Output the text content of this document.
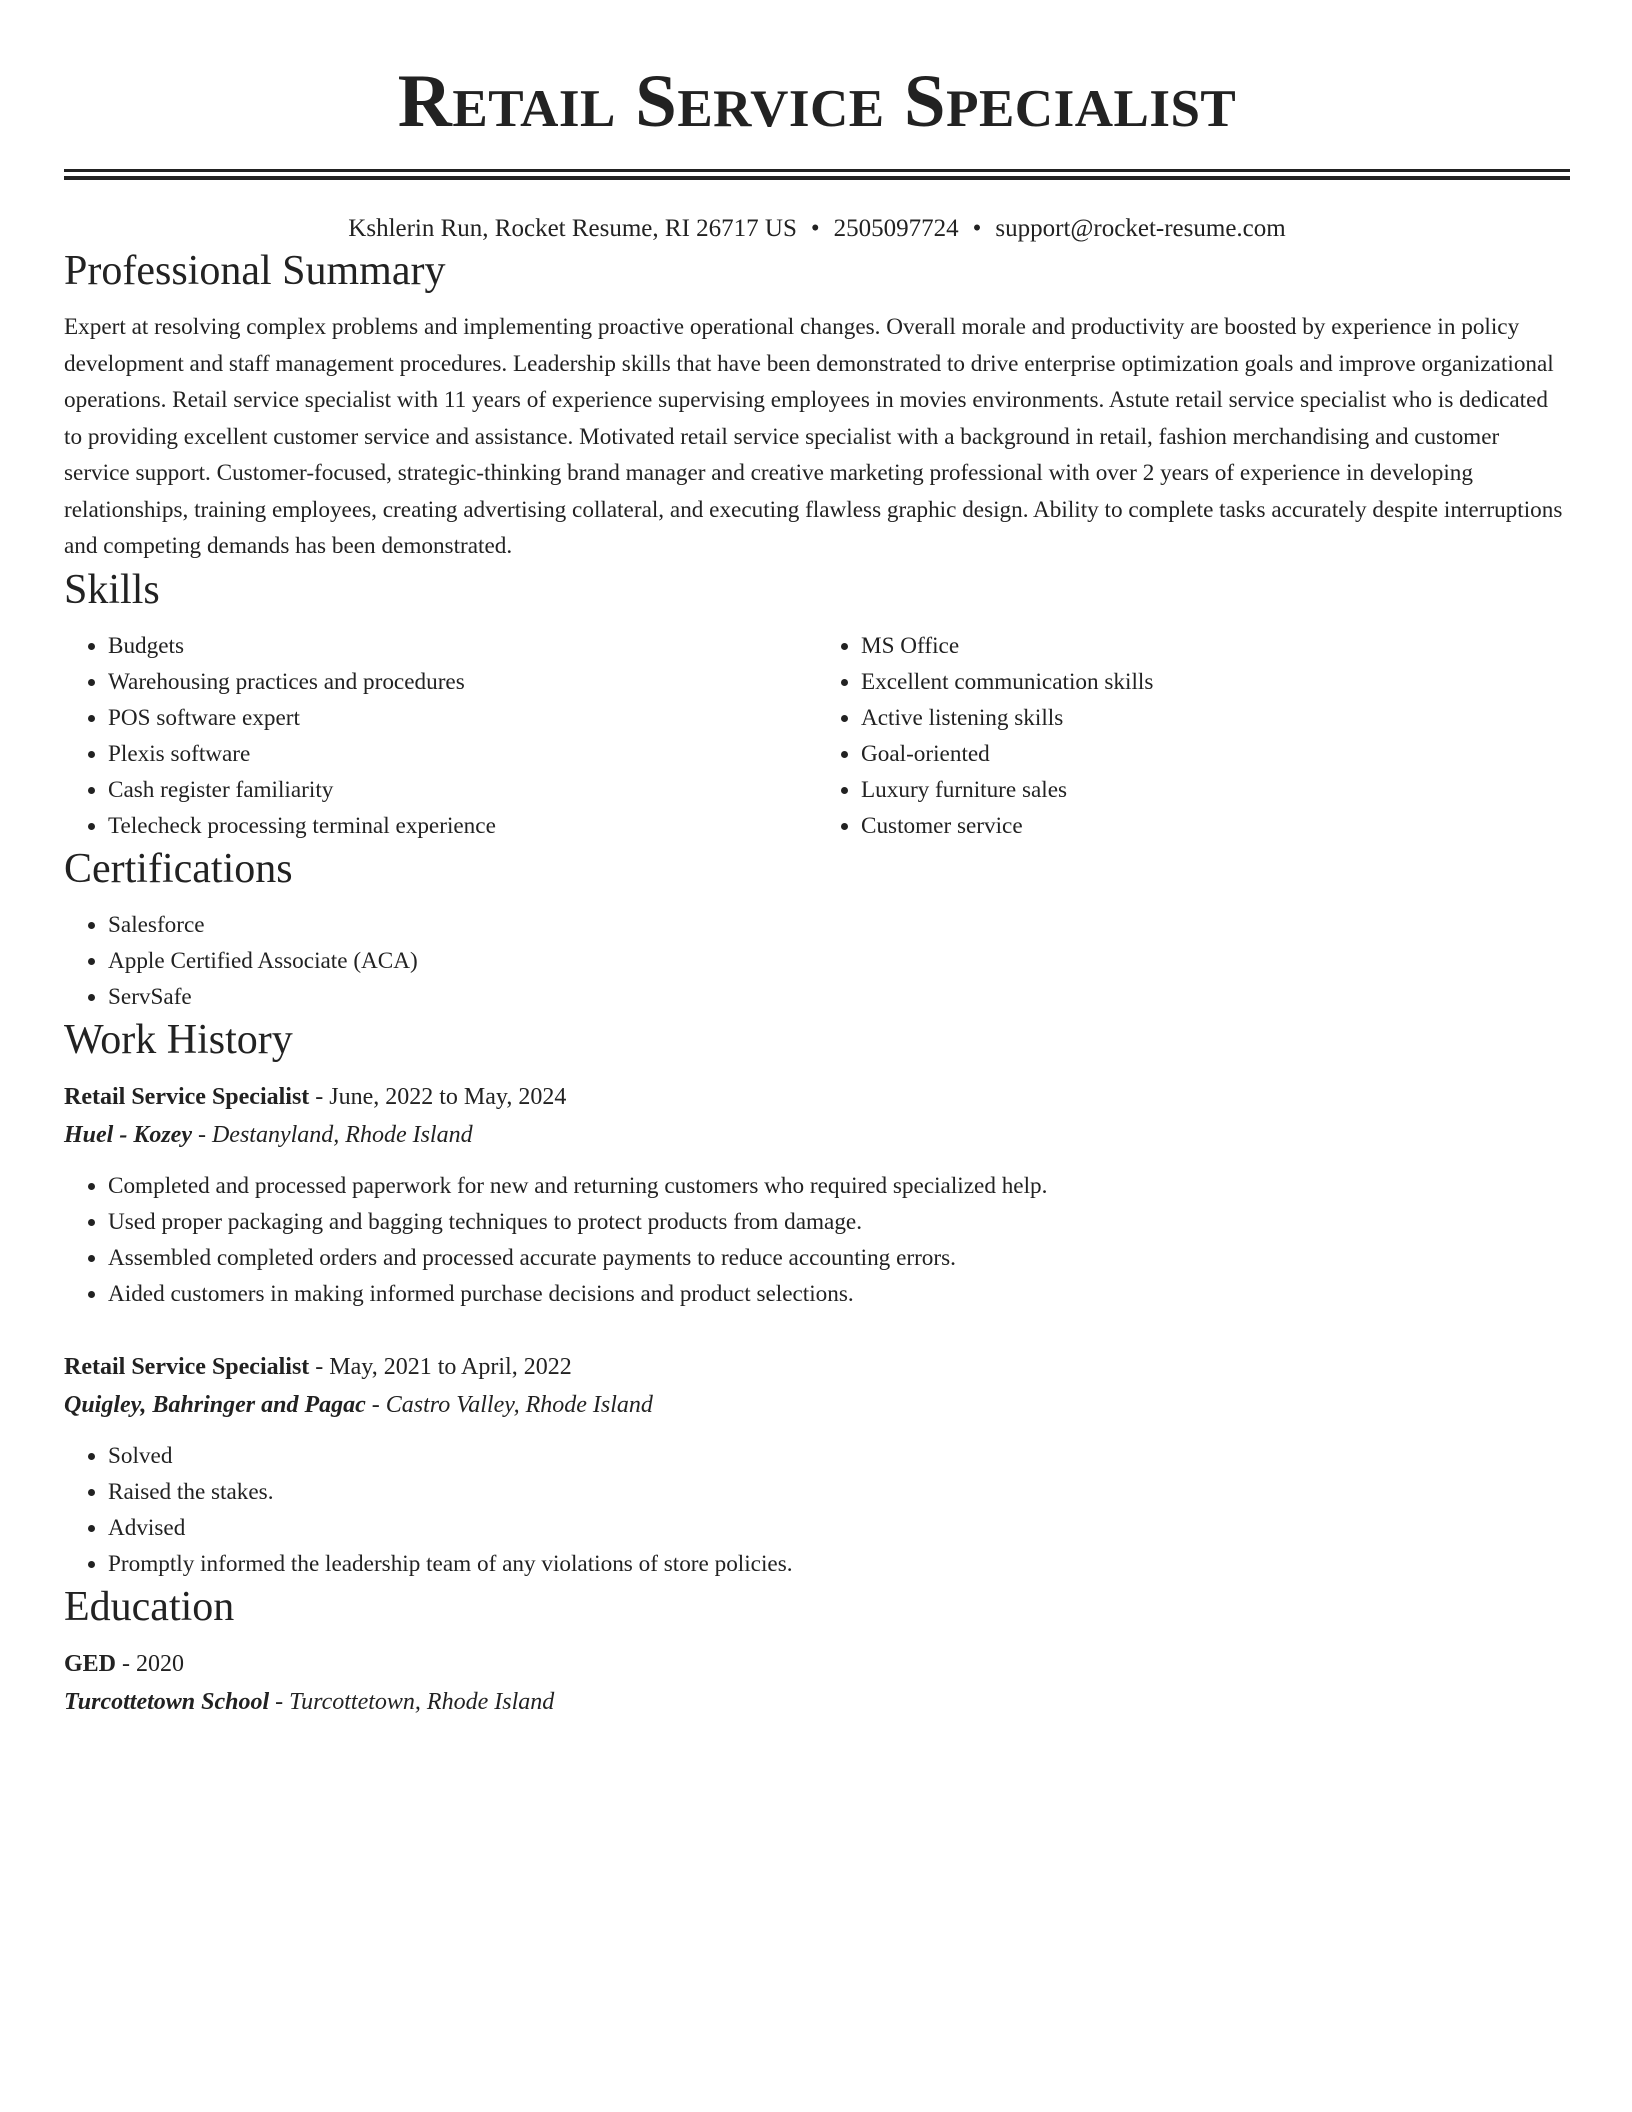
Retail Service Specialist
Kshlerin Run, Rocket Resume, RI 26717 US • 2505097724 • support@rocket-resume.com
Professional Summary

Expert at resolving complex problems and implementing proactive operational changes. Overall morale and productivity are boosted by experience in policy development and staff management procedures. Leadership skills that have been demonstrated to drive enterprise optimization goals and improve organizational operations. Retail service specialist with 11 years of experience supervising employees in movies environments. Astute retail service specialist who is dedicated to providing excellent customer service and assistance. Motivated retail service specialist with a background in retail, fashion merchandising and customer service support. Customer-focused, strategic-thinking brand manager and creative marketing professional with over 2 years of experience in developing relationships, training employees, creating advertising collateral, and executing flawless graphic design. Ability to complete tasks accurately despite interruptions and competing demands has been demonstrated.

Skills
• Budgets
• Warehousing practices and procedures
• POS software expert
• Plexis software
• Cash register familiarity
• Telecheck processing terminal experience
• MS Office
• Excellent communication skills
• Active listening skills
• Goal-oriented
• Luxury furniture sales
• Customer service
Certifications
• Salesforce
• Apple Certified Associate (ACA)
• ServSafe
Work History
Retail Service Specialist - June, 2022 to May, 2024
Huel - Kozey - Destanyland, Rhode Island
• Completed and processed paperwork for new and returning customers who required specialized help.
• Used proper packaging and bagging techniques to protect products from damage.
• Assembled completed orders and processed accurate payments to reduce accounting errors.
• Aided customers in making informed purchase decisions and product selections.
Retail Service Specialist - May, 2021 to April, 2022
Quigley, Bahringer and Pagac - Castro Valley, Rhode Island
• Solved
• Raised the stakes.
• Advised
• Promptly informed the leadership team of any violations of store policies.
Education
GED - 2020
Turcottetown School - Turcottetown, Rhode Island
